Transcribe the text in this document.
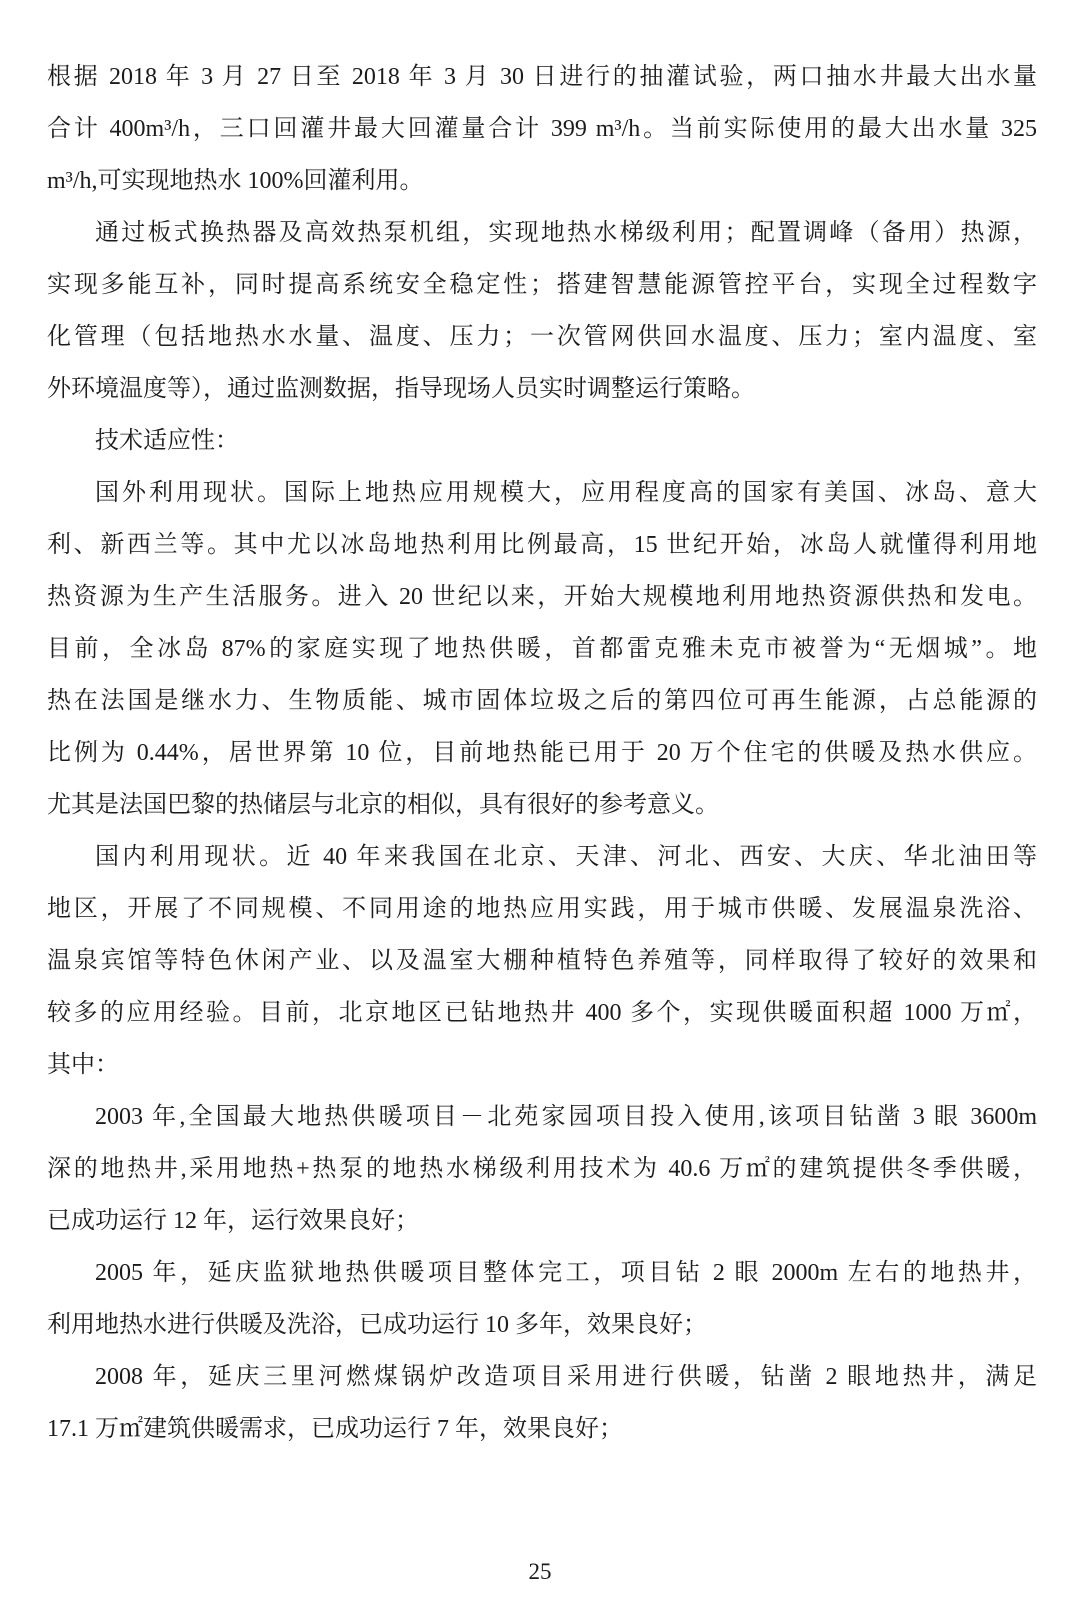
根据 2018 年 3 月 27 日至 2018 年 3 月 30 日进行的抽灌试验，两口抽水井最大出水量
合计 400m³/h，三口回灌井最大回灌量合计 399 m³/h。当前实际使用的最大出水量 325
m³/h,可实现地热水 100%回灌利用。
通过板式换热器及高效热泵机组，实现地热水梯级利用；配置调峰（备用）热源，
实现多能互补，同时提高系统安全稳定性；搭建智慧能源管控平台，实现全过程数字
化管理（包括地热水水量、温度、压力；一次管网供回水温度、压力；室内温度、室
外环境温度等），通过监测数据，指导现场人员实时调整运行策略。
技术适应性：
国外利用现状。国际上地热应用规模大，应用程度高的国家有美国、冰岛、意大
利、新西兰等。其中尤以冰岛地热利用比例最高，15 世纪开始，冰岛人就懂得利用地
热资源为生产生活服务。进入 20 世纪以来，开始大规模地利用地热资源供热和发电。
目前，全冰岛 87%的家庭实现了地热供暖，首都雷克雅未克市被誉为“无烟城”。地
热在法国是继水力、生物质能、城市固体垃圾之后的第四位可再生能源，占总能源的
比例为 0.44%，居世界第 10 位，目前地热能已用于 20 万个住宅的供暖及热水供应。
尤其是法国巴黎的热储层与北京的相似，具有很好的参考意义。
国内利用现状。近 40 年来我国在北京、天津、河北、西安、大庆、华北油田等
地区，开展了不同规模、不同用途的地热应用实践，用于城市供暖、发展温泉洗浴、
温泉宾馆等特色休闲产业、以及温室大棚种植特色养殖等，同样取得了较好的效果和
较多的应用经验。目前，北京地区已钻地热井 400 多个，实现供暖面积超 1000 万㎡，
其中：
2003 年,全国最大地热供暖项目－北苑家园项目投入使用,该项目钻凿 3 眼 3600m
深的地热井,采用地热+热泵的地热水梯级利用技术为 40.6 万㎡的建筑提供冬季供暖，
已成功运行 12 年，运行效果良好；
2005 年，延庆监狱地热供暖项目整体完工，项目钻 2 眼 2000m 左右的地热井，
利用地热水进行供暖及洗浴，已成功运行 10 多年，效果良好；
2008 年，延庆三里河燃煤锅炉改造项目采用进行供暖，钻凿 2 眼地热井，满足
17.1 万㎡建筑供暖需求，已成功运行 7 年，效果良好；
25
